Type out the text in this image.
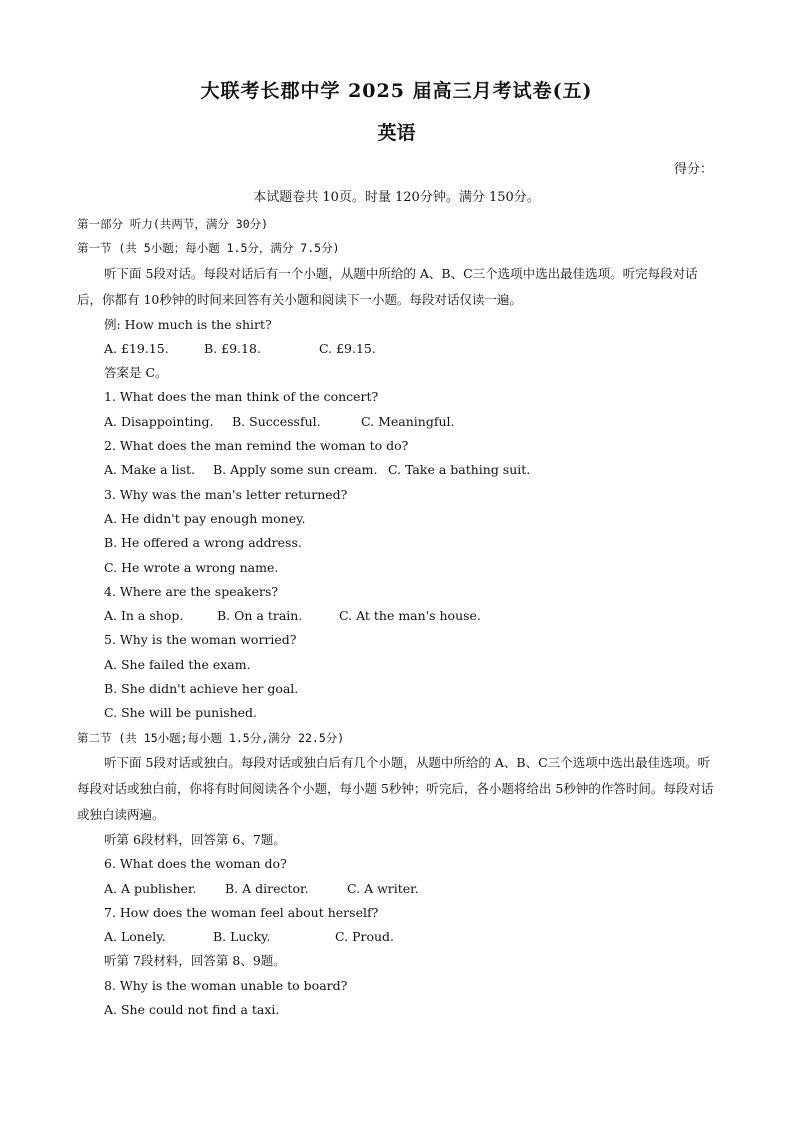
大联考长郡中学 2025 届高三月考试卷(五)
英语
得分：
本试题卷共 10页。时量 120分钟。满分 150分。
第一部分 听力(共两节，满分 30分)
第一节 (共 5小题；每小题 1.5分，满分 7.5分)
听下面 5段对话。每段对话后有一个小题，从题中所给的 A、B、C三个选项中选出最佳选项。听完每段对话后，你都有 10秒钟的时间来回答有关小题和阅读下一小题。每段对话仅读一遍。
例: How much is the shirt?
A. £19.15.	B. £9.18.	C. £9.15.
答案是 C。
1. What does the man think of the concert?
A. Disappointing. B. Successful.	C. Meaningful.
2. What does the man remind the woman to do?
A. Make a list. B. Apply some sun cream. C. Take a bathing suit.
3. Why was the man's letter returned?
A. He didn't pay enough money.
B. He offered a wrong address.
C. He wrote a wrong name.
4. Where are the speakers?
A. In a shop.	B. On a train.	C. At the man's house.
5. Why is the woman worried?
A. She failed the exam.
B. She didn't achieve her goal.
C. She will be punished.
第二节 (共 15小题;每小题 1.5分,满分 22.5分)
听下面 5段对话或独白。每段对话或独白后有几个小题，从题中所给的 A、B、C三个选项中选出最佳选项。听每段对话或独白前，你将有时间阅读各个小题，每小题 5秒钟；听完后，各小题将给出 5秒钟的作答时间。每段对话或独白读两遍。
听第 6段材料，回答第 6、7题。
6. What does the woman do?
A. A publisher. B. A director.	C. A writer.
7. How does the woman feel about herself?
A. Lonely.	B. Lucky.	C. Proud.
听第 7段材料，回答第 8、9题。
8. Why is the woman unable to board?
A. She could not find a taxi.
